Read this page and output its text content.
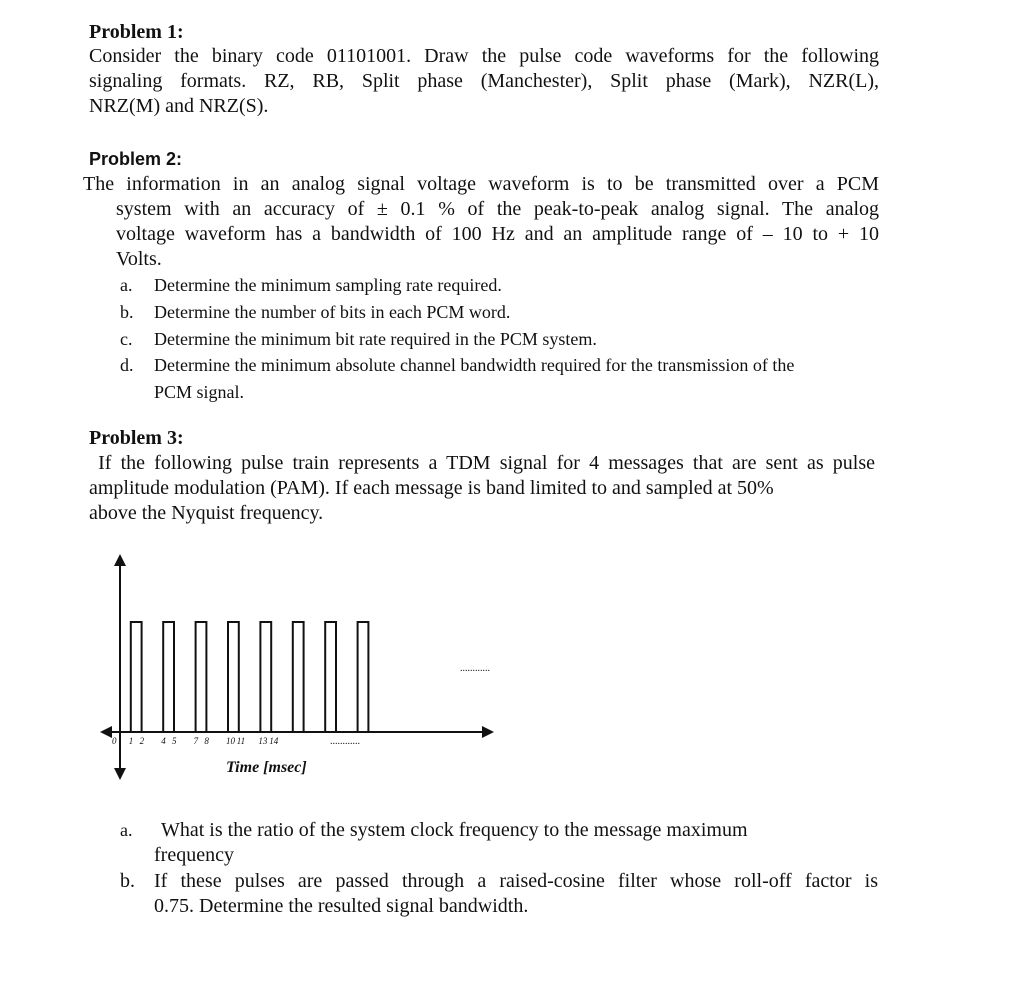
Problem 1:
Consider the binary code 01101001. Draw the pulse code waveforms for the following
signaling formats. RZ, RB, Split phase (Manchester), Split phase (Mark), NZR(L),
NRZ(M) and NRZ(S).
Problem 2:
The information in an analog signal voltage waveform is to be transmitted over a PCM
system with an accuracy of ± 0.1 % of the peak-to-peak analog signal. The analog
voltage waveform has a bandwidth of 100 Hz and an amplitude range of – 10 to + 10
Volts.
a. Determine the minimum sampling rate required.
b. Determine the number of bits in each PCM word.
c. Determine the minimum bit rate required in the PCM system.
d. Determine the minimum absolute channel bandwidth required for the transmission of the
PCM signal.
Problem 3:
If the following pulse train represents a TDM signal for 4 messages that are sent as pulse
amplitude modulation (PAM). If each message is band limited to and sampled at 50%
above the Nyquist frequency.
1 2 4 5 7 8 10 11 13 14
0	............
............
Time [msec]
a. What is the ratio of the system clock frequency to the message maximum
frequency
b. If these pulses are passed through a raised-cosine filter whose roll-off factor is
0.75. Determine the resulted signal bandwidth.
